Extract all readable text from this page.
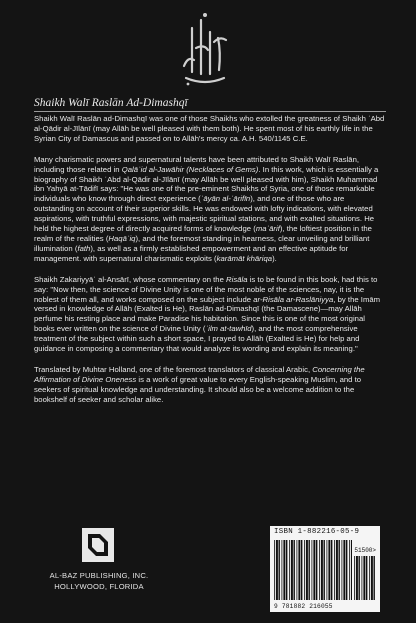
Shaikh Walī Raslān Ad-Dimashqī

Shaikh Walī Raslān ad-Dimashqī was one of those Shaikhs who extolled the greatness of Shaikh ʿAbd al-Qādir al-Jīlānī (may Allāh be well pleased with them both). He spent most of his earthly life in the Syrian City of Damascus and passed on to Allāh's mercy ca. A.H. 540/1145 C.E.

Many charismatic powers and supernatural talents have been attributed to Shaikh Walī Raslān, including those related in Qalāʾid al-Jawāhir (Necklaces of Gems). In this work, which is essentially a biography of Shaikh ʿAbd al-Qādir al-Jīlānī (may Allāh be well pleased with him), Shaikh Muhammad ibn Yahyā at-Tādifī says: "He was one of the pre-eminent Shaikhs of Syria, one of those remarkable individuals who know through direct experience (ʿāyān al-ʿārifīn), and one of those who are outstanding on account of their superior skills. He was endowed with lofty indications, with elevated aspirations, with truthful expressions, with majestic spiritual stations, and with exalted situations. He held the highest degree of directly acquired forms of knowledge (maʿārif), the loftiest position in the realm of the realities (Haqāʾiq), and the foremost standing in hearness, clear unveiling and brilliant illumination (fath), as well as a firmly established empowerment and an effective aptitude for management. with supernatural charismatic exploits (karāmāt khāriqa).

Shaikh Zakariyyāʾ al-Ansārī, whose commentary on the Risāla is to be found in this book, had this to say: "Now then, the science of Divine Unity is one of the most noble of the sciences, nay, it is the noblest of them all, and works composed on the subject include ar-Risāla ar-Raslāniyya, by the Imām versed in knowledge of Allāh (Exalted is He), Raslān ad-Dimashqī (the Damascene)—may Allāh perfume his resting place and make Paradise his habitation. Since this is one of the most original books ever written on the science of Divine Unity (ʿilm at-tawhīd), and the most comprehensive treatment of the subject within such a short space, I prayed to Allāh (Exalted is He) for help and guidance in composing a commentary that would analyze its wording and explain its meaning."

Translated by Muhtar Holland, one of the foremost translators of classical Arabic, Concerning the Affirmation of Divine Oneness is a work of great value to every English-speaking Muslim, and to seekers of spiritual knowledge and understanding. It should also be a welcome addition to the bookshelf of seeker and scholar alike.

AL-BAZ PUBLISHING, INC.
HOLLYWOOD, FLORIDA
ISBN 1-882216-05-9
51500>
9 781882 216055
